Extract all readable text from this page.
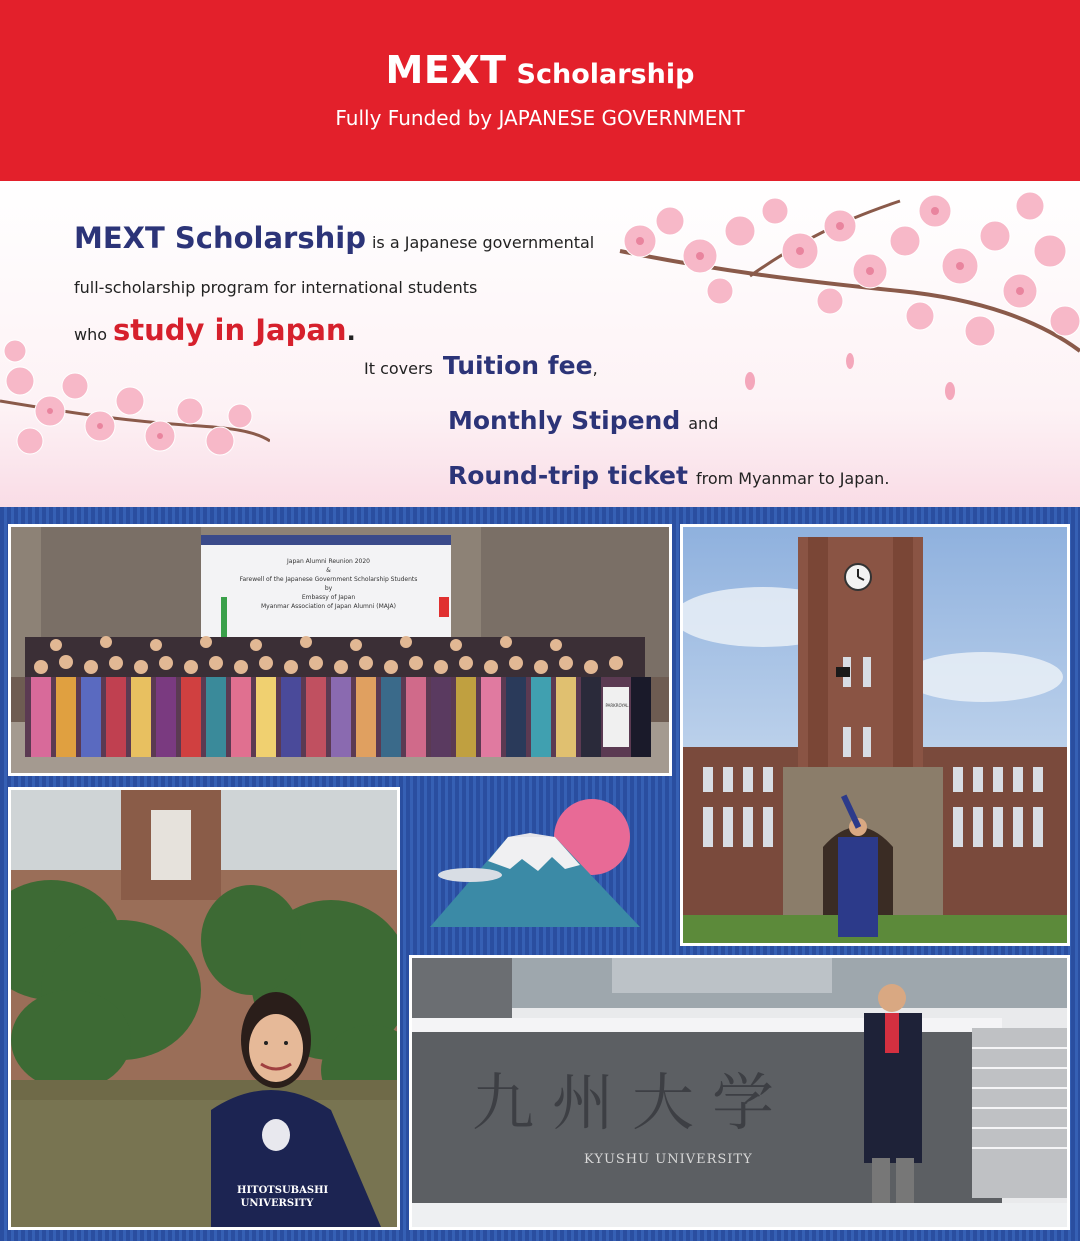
MEXT Scholarship
Fully Funded by JAPANESE GOVERNMENT
MEXT Scholarship is a Japanese governmental
full-scholarship program for international students
who study in Japan.
It covers Tuition fee,
Monthly Stipend and
Round-trip ticket from Myanmar to Japan.
Japan Alumni Reunion 2020
&
Farewell of the Japanese Government Scholarship Students
by
Embassy of Japan
Myanmar Association of Japan Alumni (MAJA)
PARKROYAL
HITOTSUBASHI
UNIVERSITY
九州大学
KYUSHU UNIVERSITY
